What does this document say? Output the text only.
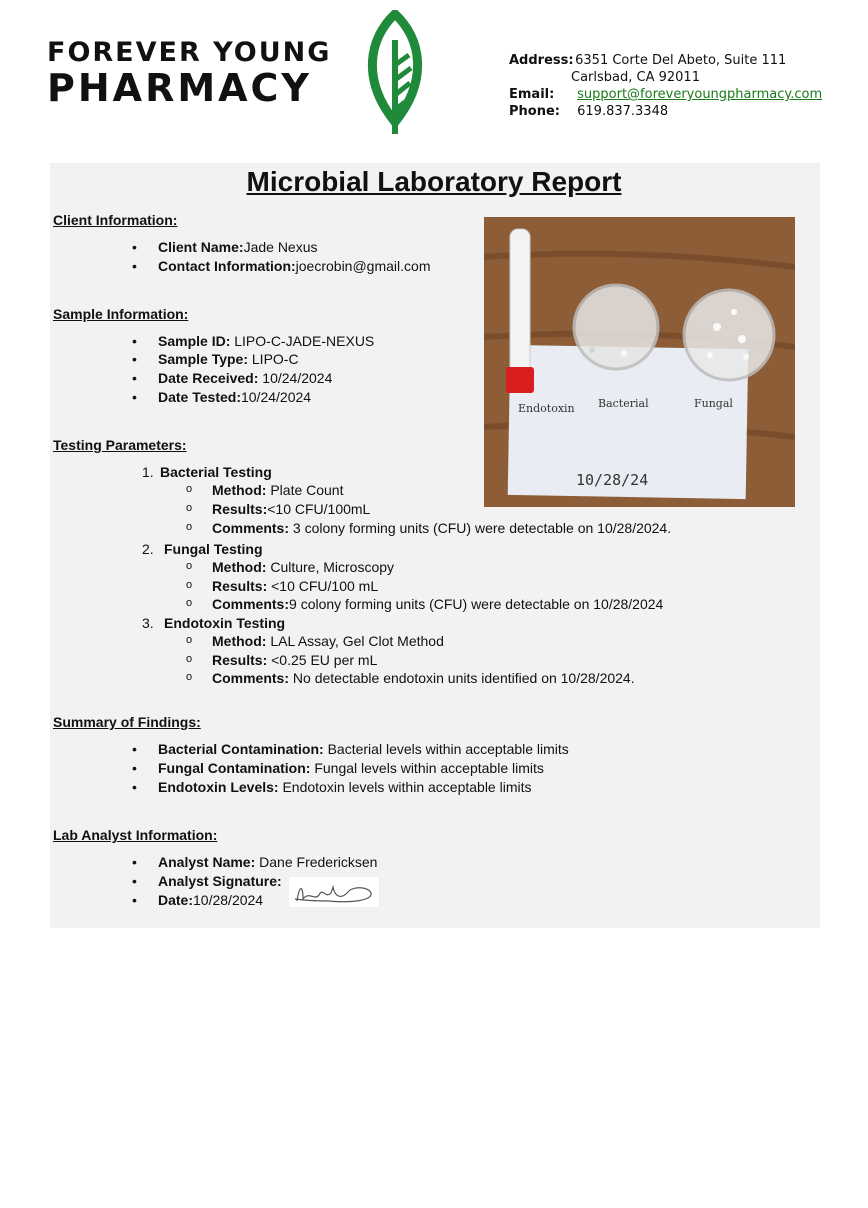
FOREVER YOUNG
PHARMACY
Address: 6351 Corte Del Abeto, Suite 111
Carlsbad, CA 92011
Email: support@foreveryoungpharmacy.com
Phone: 619.837.3348
Microbial Laboratory Report
Client Information:
• Client Name:Jade Nexus
• Contact Information:joecrobin@gmail.com
Sample Information:
• Sample ID: LIPO-C-JADE-NEXUS
• Sample Type: LIPO-C
• Date Received: 10/24/2024
• Date Tested:10/24/2024
Endotoxin Bacterial	Fungal
10/28/24
Testing Parameters:
1. Bacterial Testing
o Method: Plate Count
o Results:<10 CFU/100mL
o Comments: 3 colony forming units (CFU) were detectable on 10/28/2024.
2. Fungal Testing
o Method: Culture, Microscopy
o Results: <10 CFU/100 mL
o Comments:9 colony forming units (CFU) were detectable on 10/28/2024
3. Endotoxin Testing
o Method: LAL Assay, Gel Clot Method
o Results: <0.25 EU per mL
o Comments: No detectable endotoxin units identified on 10/28/2024.
Summary of Findings:
• Bacterial Contamination: Bacterial levels within acceptable limits
• Fungal Contamination: Fungal levels within acceptable limits
• Endotoxin Levels: Endotoxin levels within acceptable limits
Lab Analyst Information:
• Analyst Name: Dane Fredericksen
• Analyst Signature:
• Date:10/28/2024
